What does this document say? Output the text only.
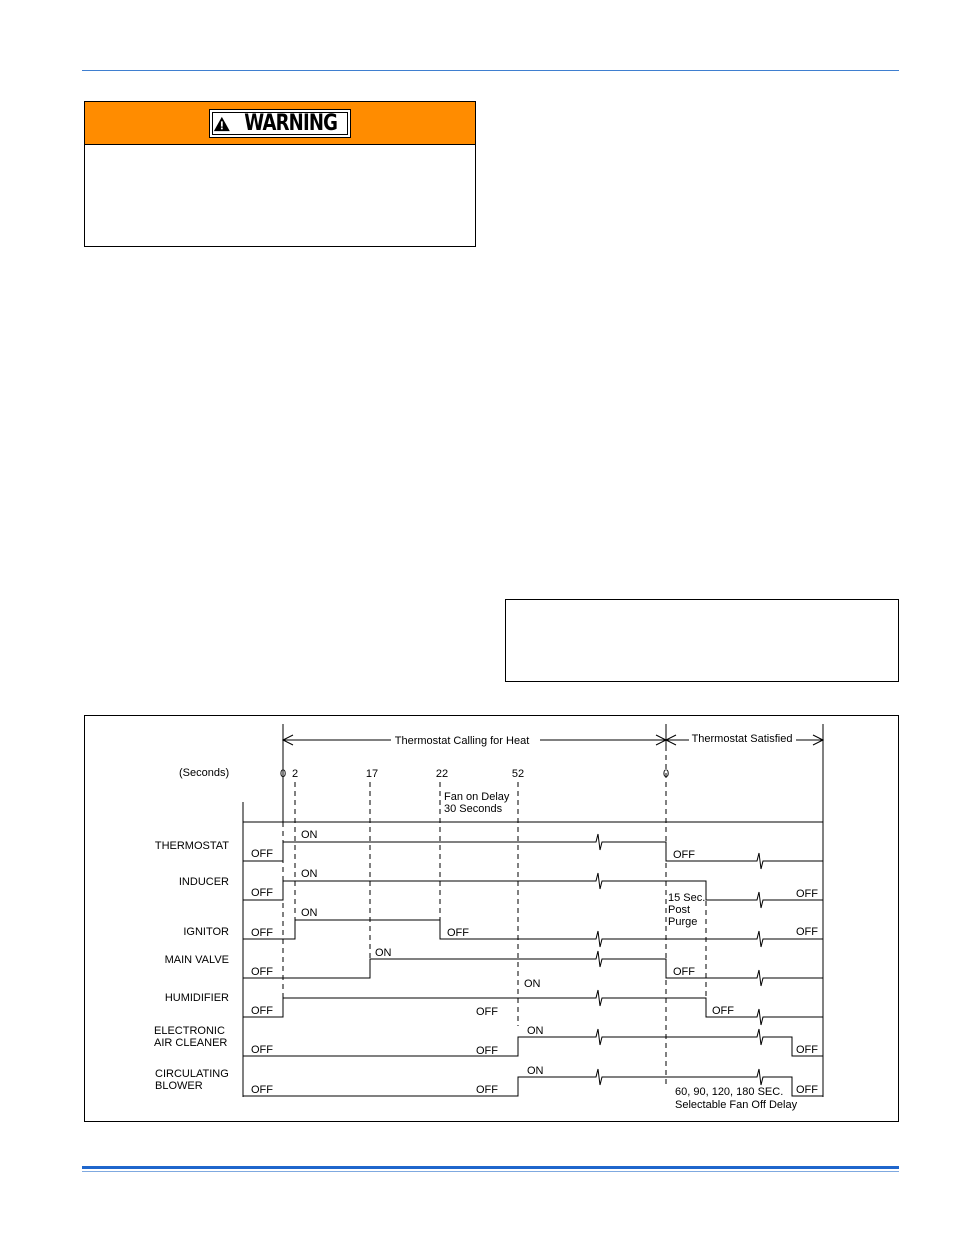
WARNING
Thermostat Calling for Heat	Thermostat Satisfied
(Seconds)	0 2	17	22	52	0
Fan on Delay
30 Seconds
THERMOSTAT
INDUCER
IGNITOR
MAIN VALVE
HUMIDIFIER
ELECTRONIC
AIR CLEANER
CIRCULATING
BLOWER
OFF
ON
OFF
OFF
ON
OFF
OFF
ON
OFF	OFF
OFF
ON
OFF
OFF	OFF
ON
OFF
OFF	OFF
ON
OFF
OFF	OFF
ON
OFF
15 Sec.
Post
Purge
60, 90, 120, 180 SEC.
Selectable Fan Off Delay
